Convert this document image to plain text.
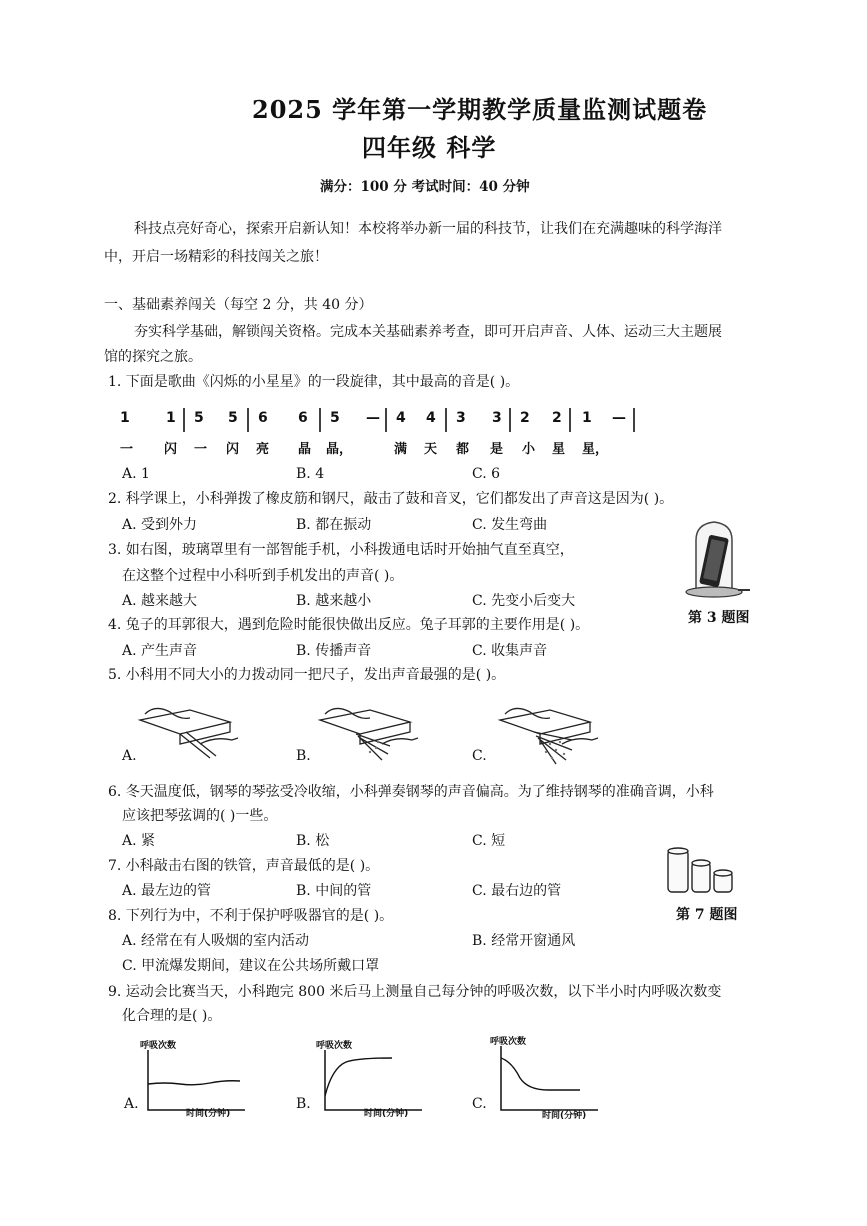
2025 学年第一学期教学质量监测试题卷
四年级 科学
满分：100 分 考试时间：40 分钟
科技点亮好奇心，探索开启新认知！本校将举办新一届的科技节，让我们在充满趣味的科学海洋
中，开启一场精彩的科技闯关之旅！
一、基础素养闯关（每空 2 分，共 40 分）
夯实科学基础，解锁闯关资格。完成本关基础素养考查，即可开启声音、人体、运动三大主题展
馆的探究之旅。
1. 下面是歌曲《闪烁的小星星》的一段旋律，其中最高的音是( )。
1	1 5 5 6 6 5 — 4 4 3 3 2 2 1 —
一 闪 一 闪 亮 晶 晶，	满 天 都 是 小 星 星，
A. 1	B. 4	C. 6
2. 科学课上，小科弹拨了橡皮筋和钢尺，敲击了鼓和音叉，它们都发出了声音这是因为( )。
A. 受到外力	B. 都在振动	C. 发生弯曲
3. 如右图，玻璃罩里有一部智能手机，小科拨通电话时开始抽气直至真空，
在这整个过程中小科听到手机发出的声音( )。
A. 越来越大	B. 越来越小	C. 先变小后变大
第 3 题图
4. 兔子的耳郭很大，遇到危险时能很快做出反应。兔子耳郭的主要作用是( )。
A. 产生声音	B. 传播声音	C. 收集声音
5. 小科用不同大小的力拨动同一把尺子，发出声音最强的是( )。
A.	B.	C.
6. 冬天温度低，钢琴的琴弦受冷收缩，小科弹奏钢琴的声音偏高。为了维持钢琴的准确音调，小科
应该把琴弦调的( )一些。
A. 紧	B. 松	C. 短
7. 小科敲击右图的铁管，声音最低的是( )。
A. 最左边的管	B. 中间的管	C. 最右边的管
第 7 题图
8. 下列行为中，不利于保护呼吸器官的是( )。
A. 经常在有人吸烟的室内活动	B. 经常开窗通风
C. 甲流爆发期间，建议在公共场所戴口罩
9. 运动会比赛当天，小科跑完 800 米后马上测量自己每分钟的呼吸次数，以下半小时内呼吸次数变
化合理的是( )。
呼吸次数
时间(分钟)
A.
呼吸次数
时间(分钟)
B.
呼吸次数
时间(分钟)
C.
